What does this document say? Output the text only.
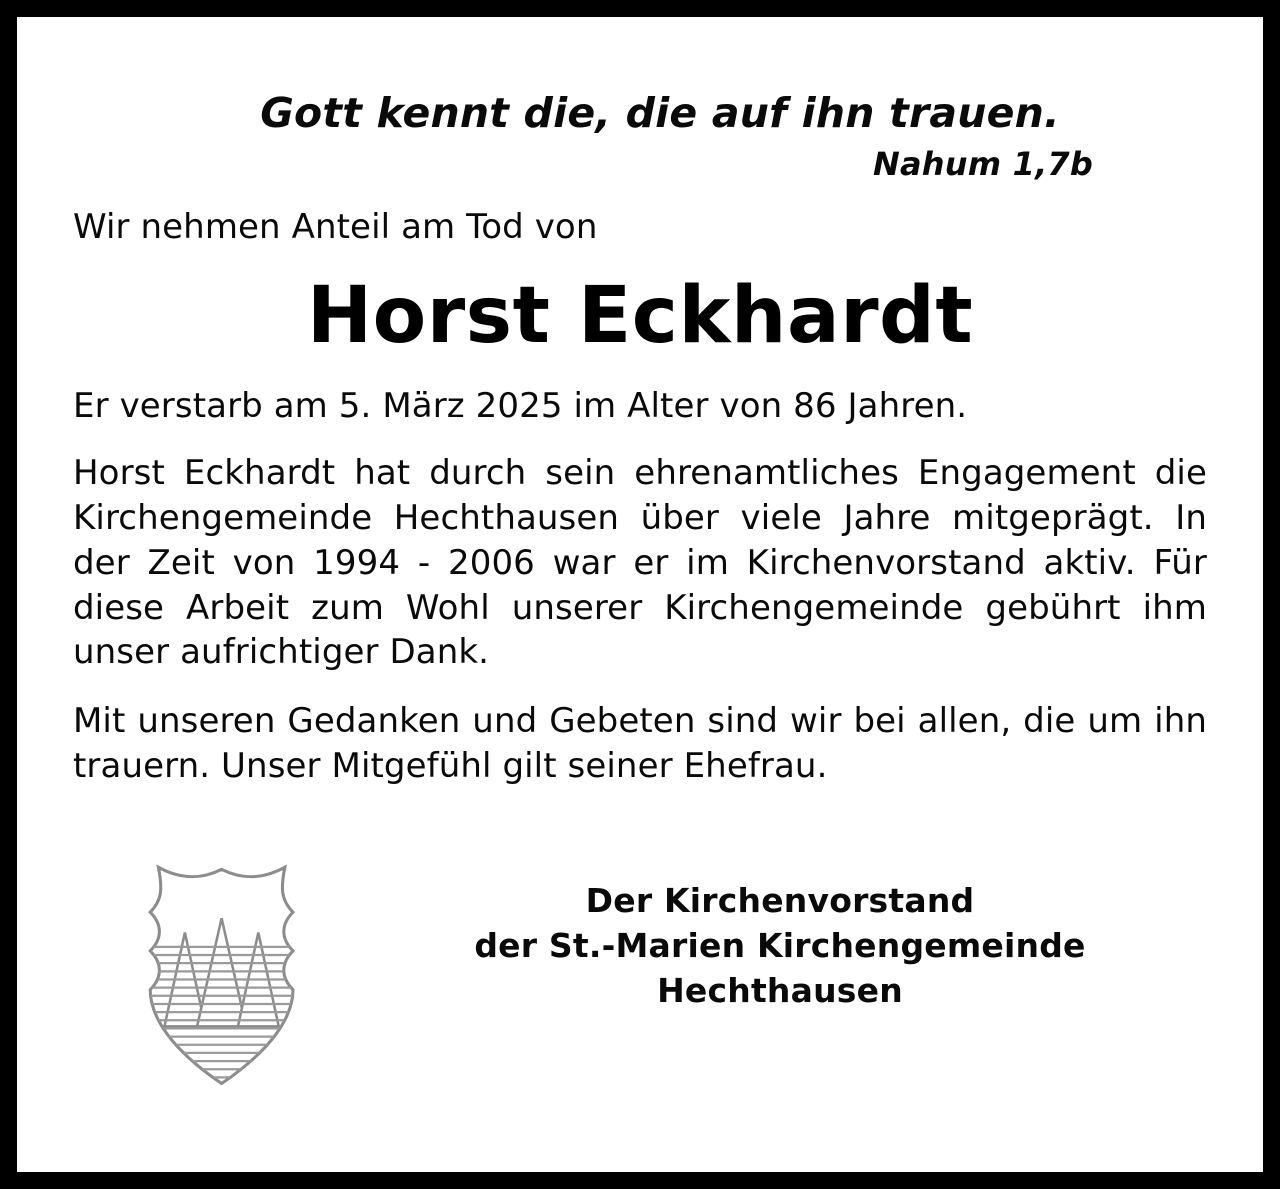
Gott kennt die, die auf ihn trauen.
Nahum 1,7b
Wir nehmen Anteil am Tod von
Horst Eckhardt
Er verstarb am 5. März 2025 im Alter von 86 Jahren.

Horst Eckhardt hat durch sein ehrenamtliches Engagement die Kirchengemeinde Hechthausen über viele Jahre mitgeprägt. In der Zeit von 1994 - 2006 war er im Kirchenvorstand aktiv. Für diese Arbeit zum Wohl unserer Kirchengemeinde gebührt ihm unser aufrichtiger Dank.

Mit unseren Gedanken und Gebeten sind wir bei allen, die um ihn trauern. Unser Mitgefühl gilt seiner Ehefrau.

Der Kirchenvorstand
der St.-Marien Kirchengemeinde
Hechthausen
